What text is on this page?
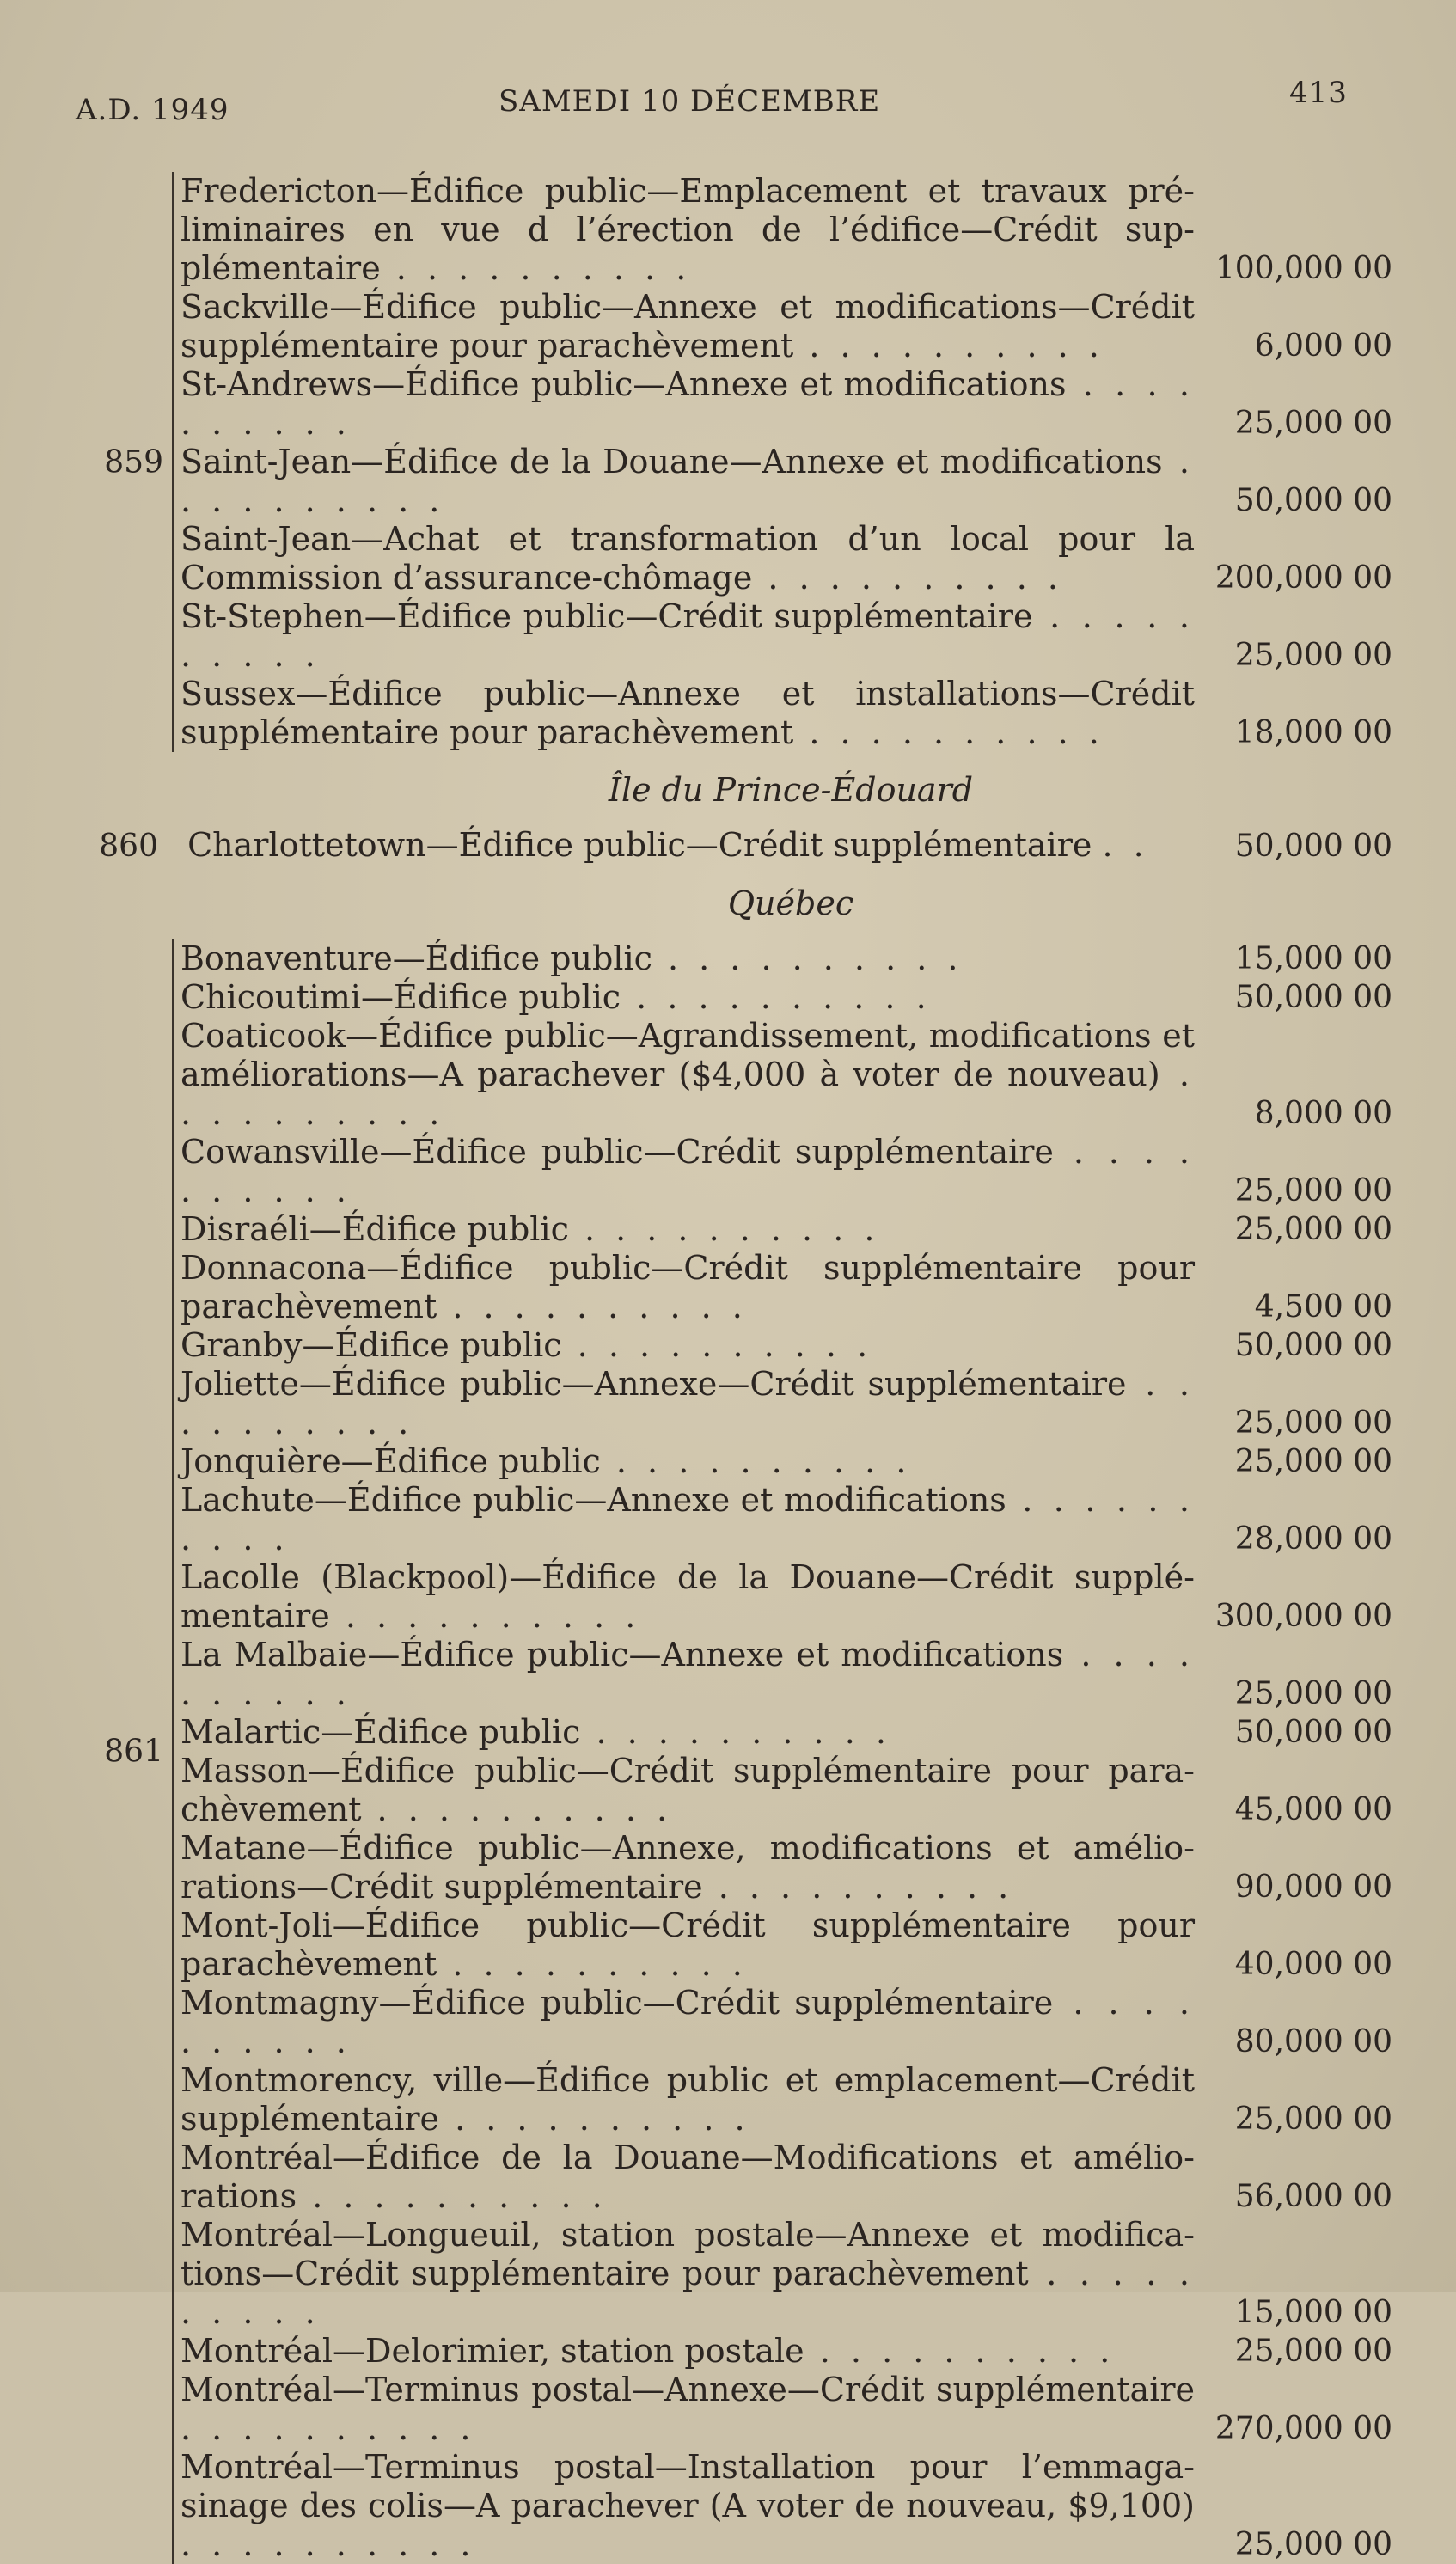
A.D. 1949	SAMEDI 10 DÉCEMBRE	413
859
Fredericton—Édifice public—Emplacement et travaux préliminaires en vue d l’érection de l’édifice—Crédit supplémentaire . . . . . . . . . .	100,000 00
Sackville—Édifice public—Annexe et modifications—Crédit supplémentaire pour parachèvement . . . . . . . . . .	6,000 00
St-Andrews—Édifice public—Annexe et modifications . . . . . . . . . .	25,000 00
Saint-Jean—Édifice de la Douane—Annexe et modifications . . . . . . . . . .	50,000 00
Saint-Jean—Achat et transformation d’un local pour la Commission d’assurance-chômage . . . . . . . . . .	200,000 00
St-Stephen—Édifice public—Crédit supplémentaire . . . . . . . . . .	25,000 00
Sussex—Édifice public—Annexe et installations—Crédit supplémentaire pour parachèvement . . . . . . . . . .	18,000 00
Île du Prince-Édouard
860 Charlottetown—Édifice public—Crédit supplémentaire . .	50,000 00
Québec
861
Bonaventure—Édifice public . . . . . . . . . .	15,000 00
Chicoutimi—Édifice public . . . . . . . . . .	50,000 00
Coaticook—Édifice public—Agrandissement, modifications et améliorations—A parachever ($4,000 à voter de nouveau) . . . . . . . . . .	8,000 00
Cowansville—Édifice public—Crédit supplémentaire . . . . . . . . . .	25,000 00
Disraéli—Édifice public . . . . . . . . . .	25,000 00
Donnacona—Édifice public—Crédit supplémentaire pour parachèvement . . . . . . . . . .	4,500 00
Granby—Édifice public . . . . . . . . . .	50,000 00
Joliette—Édifice public—Annexe—Crédit supplémentaire . . . . . . . . . .	25,000 00
Jonquière—Édifice public . . . . . . . . . .	25,000 00
Lachute—Édifice public—Annexe et modifications . . . . . . . . . .	28,000 00
Lacolle (Blackpool)—Édifice de la Douane—Crédit supplémentaire . . . . . . . . . .	300,000 00
La Malbaie—Édifice public—Annexe et modifications . . . . . . . . . .	25,000 00
Malartic—Édifice public . . . . . . . . . .	50,000 00
Masson—Édifice public—Crédit supplémentaire pour parachèvement . . . . . . . . . .	45,000 00
Matane—Édifice public—Annexe, modifications et améliorations—Crédit supplémentaire . . . . . . . . . .	90,000 00
Mont-Joli—Édifice public—Crédit supplémentaire pour parachèvement . . . . . . . . . .	40,000 00
Montmagny—Édifice public—Crédit supplémentaire . . . . . . . . . .	80,000 00
Montmorency, ville—Édifice public et emplacement—Crédit supplémentaire . . . . . . . . . .	25,000 00
Montréal—Édifice de la Douane—Modifications et améliorations . . . . . . . . . .	56,000 00
Montréal—Longueuil, station postale—Annexe et modifications—Crédit supplémentaire pour parachèvement . . . . . . . . . .	15,000 00
Montréal—Delorimier, station postale . . . . . . . . . .	25,000 00
Montréal—Terminus postal—Annexe—Crédit supplémentaire . . . . . . . . . .	270,000 00
Montréal—Terminus postal—Installation pour l’emmagasinage des colis—A parachever (A voter de nouveau, $9,100) . . . . . . . . . .	25,000 00
